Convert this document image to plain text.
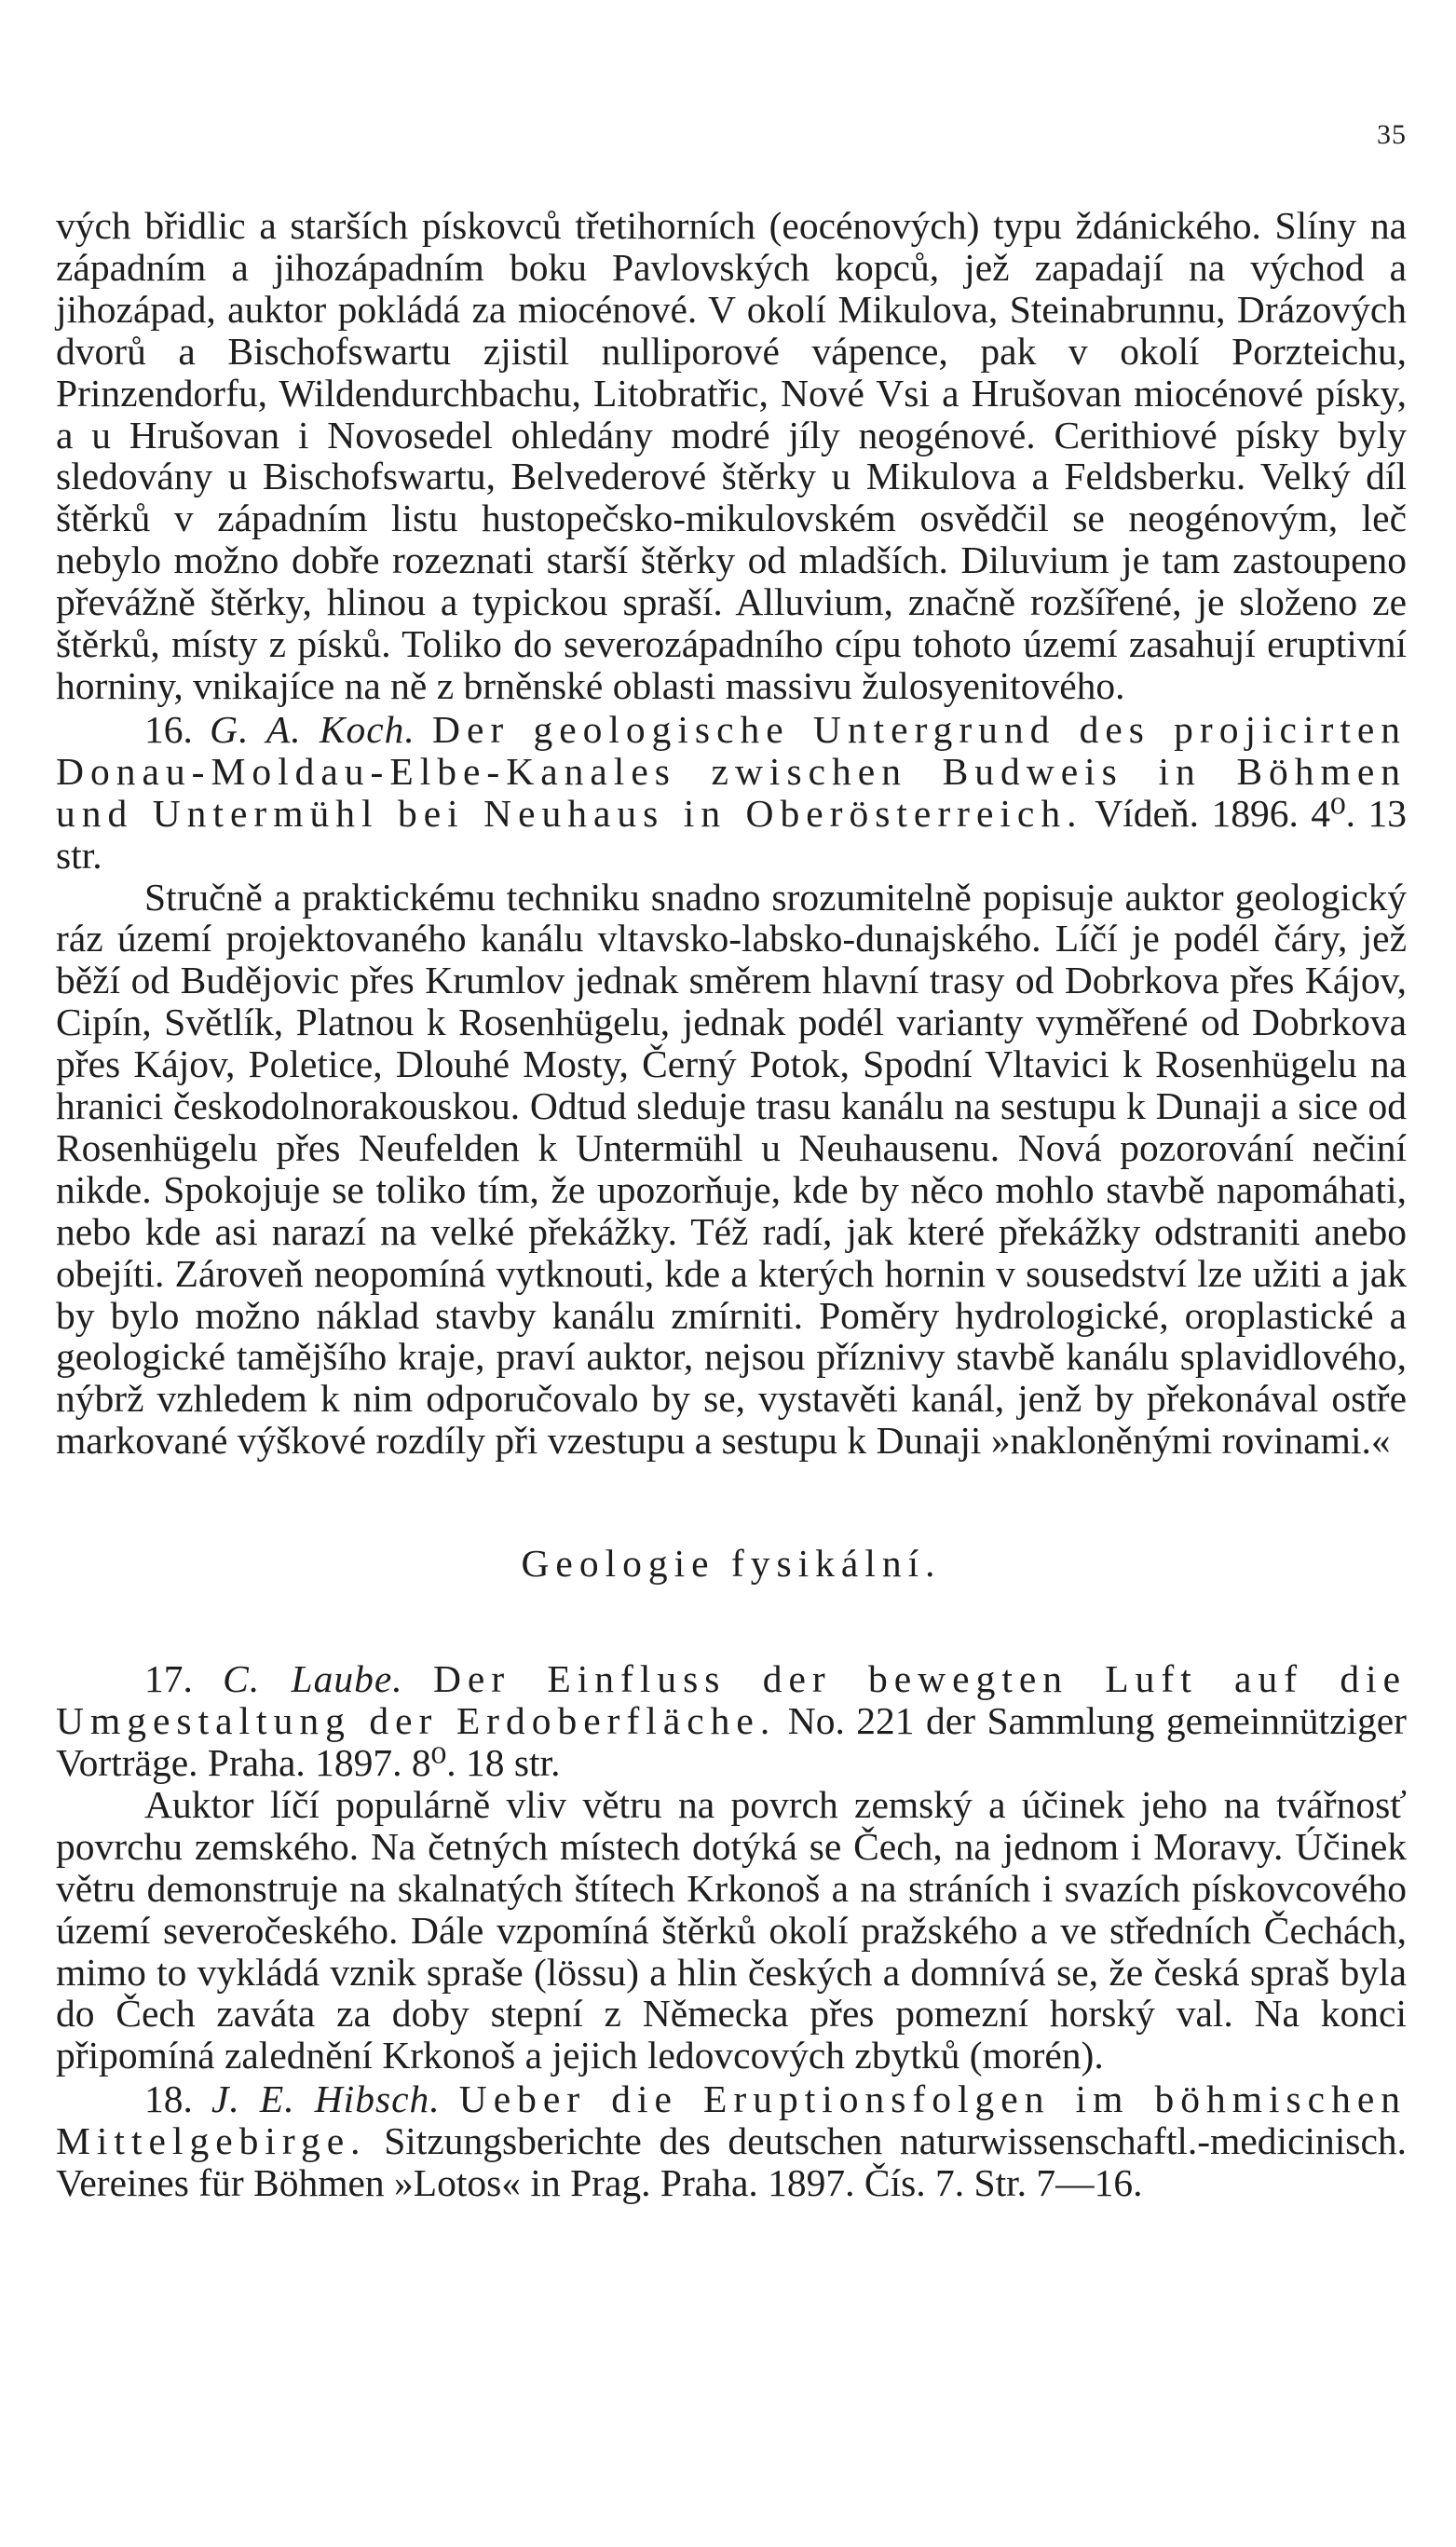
35

vých břidlic a starších pískovců třetihorních (eocénových) typu ždánického. Slíny na západním a jihozápadním boku Pavlovských kopců, jež zapadají na východ a jihozápad, auktor pokládá za miocénové. V okolí Mikulova, Steinabrunnu, Drázových dvorů a Bischofswartu zjistil nulliporové vápence, pak v okolí Porzteichu, Prinzendorfu, Wildendurchbachu, Litobratřic, Nové Vsi a Hrušovan miocénové písky, a u Hrušovan i Novosedel ohledány modré jíly neogénové. Cerithiové písky byly sledovány u Bischofswartu, Belvederové štěrky u Mikulova a Feldsberku. Velký díl štěrků v západním listu hustopečsko-mikulovském osvědčil se neogénovým, leč nebylo možno dobře rozeznati starší štěrky od mladších. Diluvium je tam zastoupeno převážně štěrky, hlinou a typickou spraší. Alluvium, značně rozšířené, je složeno ze štěrků, místy z písků. Toliko do severozápadního cípu tohoto území zasahují eruptivní horniny, vnikajíce na ně z brněnské oblasti massivu žulosyenitového.

16. G. A. Koch. Der geologische Untergrund des projicirten Donau-Moldau-Elbe-Kanales zwischen Budweis in Böhmen und Untermühl bei Neuhaus in Oberösterreich. Vídeň. 1896. 4⁰. 13 str.

Stručně a praktickému techniku snadno srozumitelně popisuje auktor geologický ráz území projektovaného kanálu vltavsko-labsko-dunajského. Líčí je podél čáry, jež běží od Budějovic přes Krumlov jednak směrem hlavní trasy od Dobrkova přes Kájov, Cipín, Světlík, Platnou k Rosenhügelu, jednak podél varianty vyměřené od Dobrkova přes Kájov, Poletice, Dlouhé Mosty, Černý Potok, Spodní Vltavici k Rosenhügelu na hranici českodolnorakouskou. Odtud sleduje trasu kanálu na sestupu k Dunaji a sice od Rosenhügelu přes Neufelden k Untermühl u Neuhausenu. Nová pozorování nečiní nikde. Spokojuje se toliko tím, že upozorňuje, kde by něco mohlo stavbě napomáhati, nebo kde asi narazí na velké překážky. Též radí, jak které překážky odstraniti anebo obejíti. Zároveň neopomíná vytknouti, kde a kterých hornin v sousedství lze užiti a jak by bylo možno náklad stavby kanálu zmírniti. Poměry hydrologické, oroplastické a geologické tamějšího kraje, praví auktor, nejsou příznivy stavbě kanálu splavidlového, nýbrž vzhledem k nim odporučovalo by se, vystavěti kanál, jenž by překonával ostře markované výškové rozdíly při vzestupu a sestupu k Dunaji »nakloněnými rovinami.«

Geologie fysikální.

17. C. Laube. Der Einfluss der bewegten Luft auf die Umgestaltung der Erdoberfläche. No. 221 der Sammlung gemeinnütziger Vorträge. Praha. 1897. 8⁰. 18 str.

Auktor líčí populárně vliv větru na povrch zemský a účinek jeho na tvářnosť povrchu zemského. Na četných místech dotýká se Čech, na jednom i Moravy. Účinek větru demonstruje na skalnatých štítech Krkonoš a na stráních i svazích pískovcového území severočeského. Dále vzpomíná štěrků okolí pražského a ve středních Čechách, mimo to vykládá vznik spraše (lössu) a hlin českých a domnívá se, že česká spraš byla do Čech zaváta za doby stepní z Německa přes pomezní horský val. Na konci připomíná zalednění Krkonoš a jejich ledovcových zbytků (morén).

18. J. E. Hibsch. Ueber die Eruptionsfolgen im böhmischen Mittelgebirge. Sitzungsberichte des deutschen naturwissenschaftl.-medicinisch. Vereines für Böhmen »Lotos« in Prag. Praha. 1897. Čís. 7. Str. 7—16.
